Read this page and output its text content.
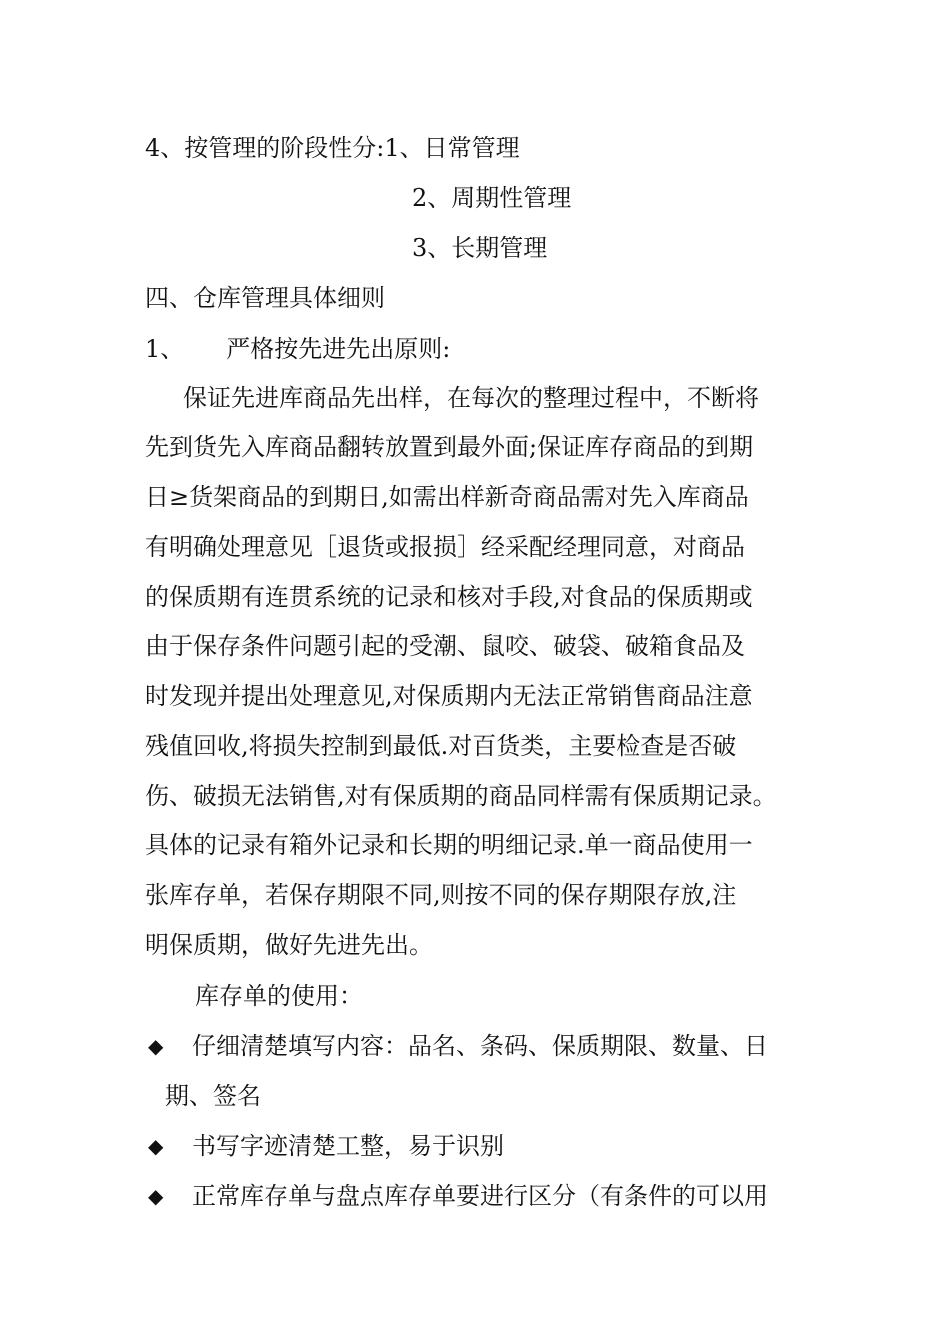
4、按管理的阶段性分:1、日常管理
2、周期性管理
3、长期管理
四、仓库管理具体细则
1、 严格按先进先出原则:
保证先进库商品先出样，在每次的整理过程中，不断将
先到货先入库商品翻转放置到最外面;保证库存商品的到期
日≥货架商品的到期日,如需出样新奇商品需对先入库商品
有明确处理意见［退货或报损］经采配经理同意，对商品
的保质期有连贯系统的记录和核对手段,对食品的保质期或
由于保存条件问题引起的受潮、鼠咬、破袋、破箱食品及
时发现并提出处理意见,对保质期内无法正常销售商品注意
残值回收,将损失控制到最低.对百货类，主要检查是否破
伤、破损无法销售,对有保质期的商品同样需有保质期记录。
具体的记录有箱外记录和长期的明细记录.单一商品使用一
张库存单，若保存期限不同,则按不同的保存期限存放,注
明保质期，做好先进先出。
库存单的使用：
◆ 仔细清楚填写内容：品名、条码、保质期限、数量、日
期、签名
◆ 书写字迹清楚工整，易于识别
◆ 正常库存单与盘点库存单要进行区分（有条件的可以用
